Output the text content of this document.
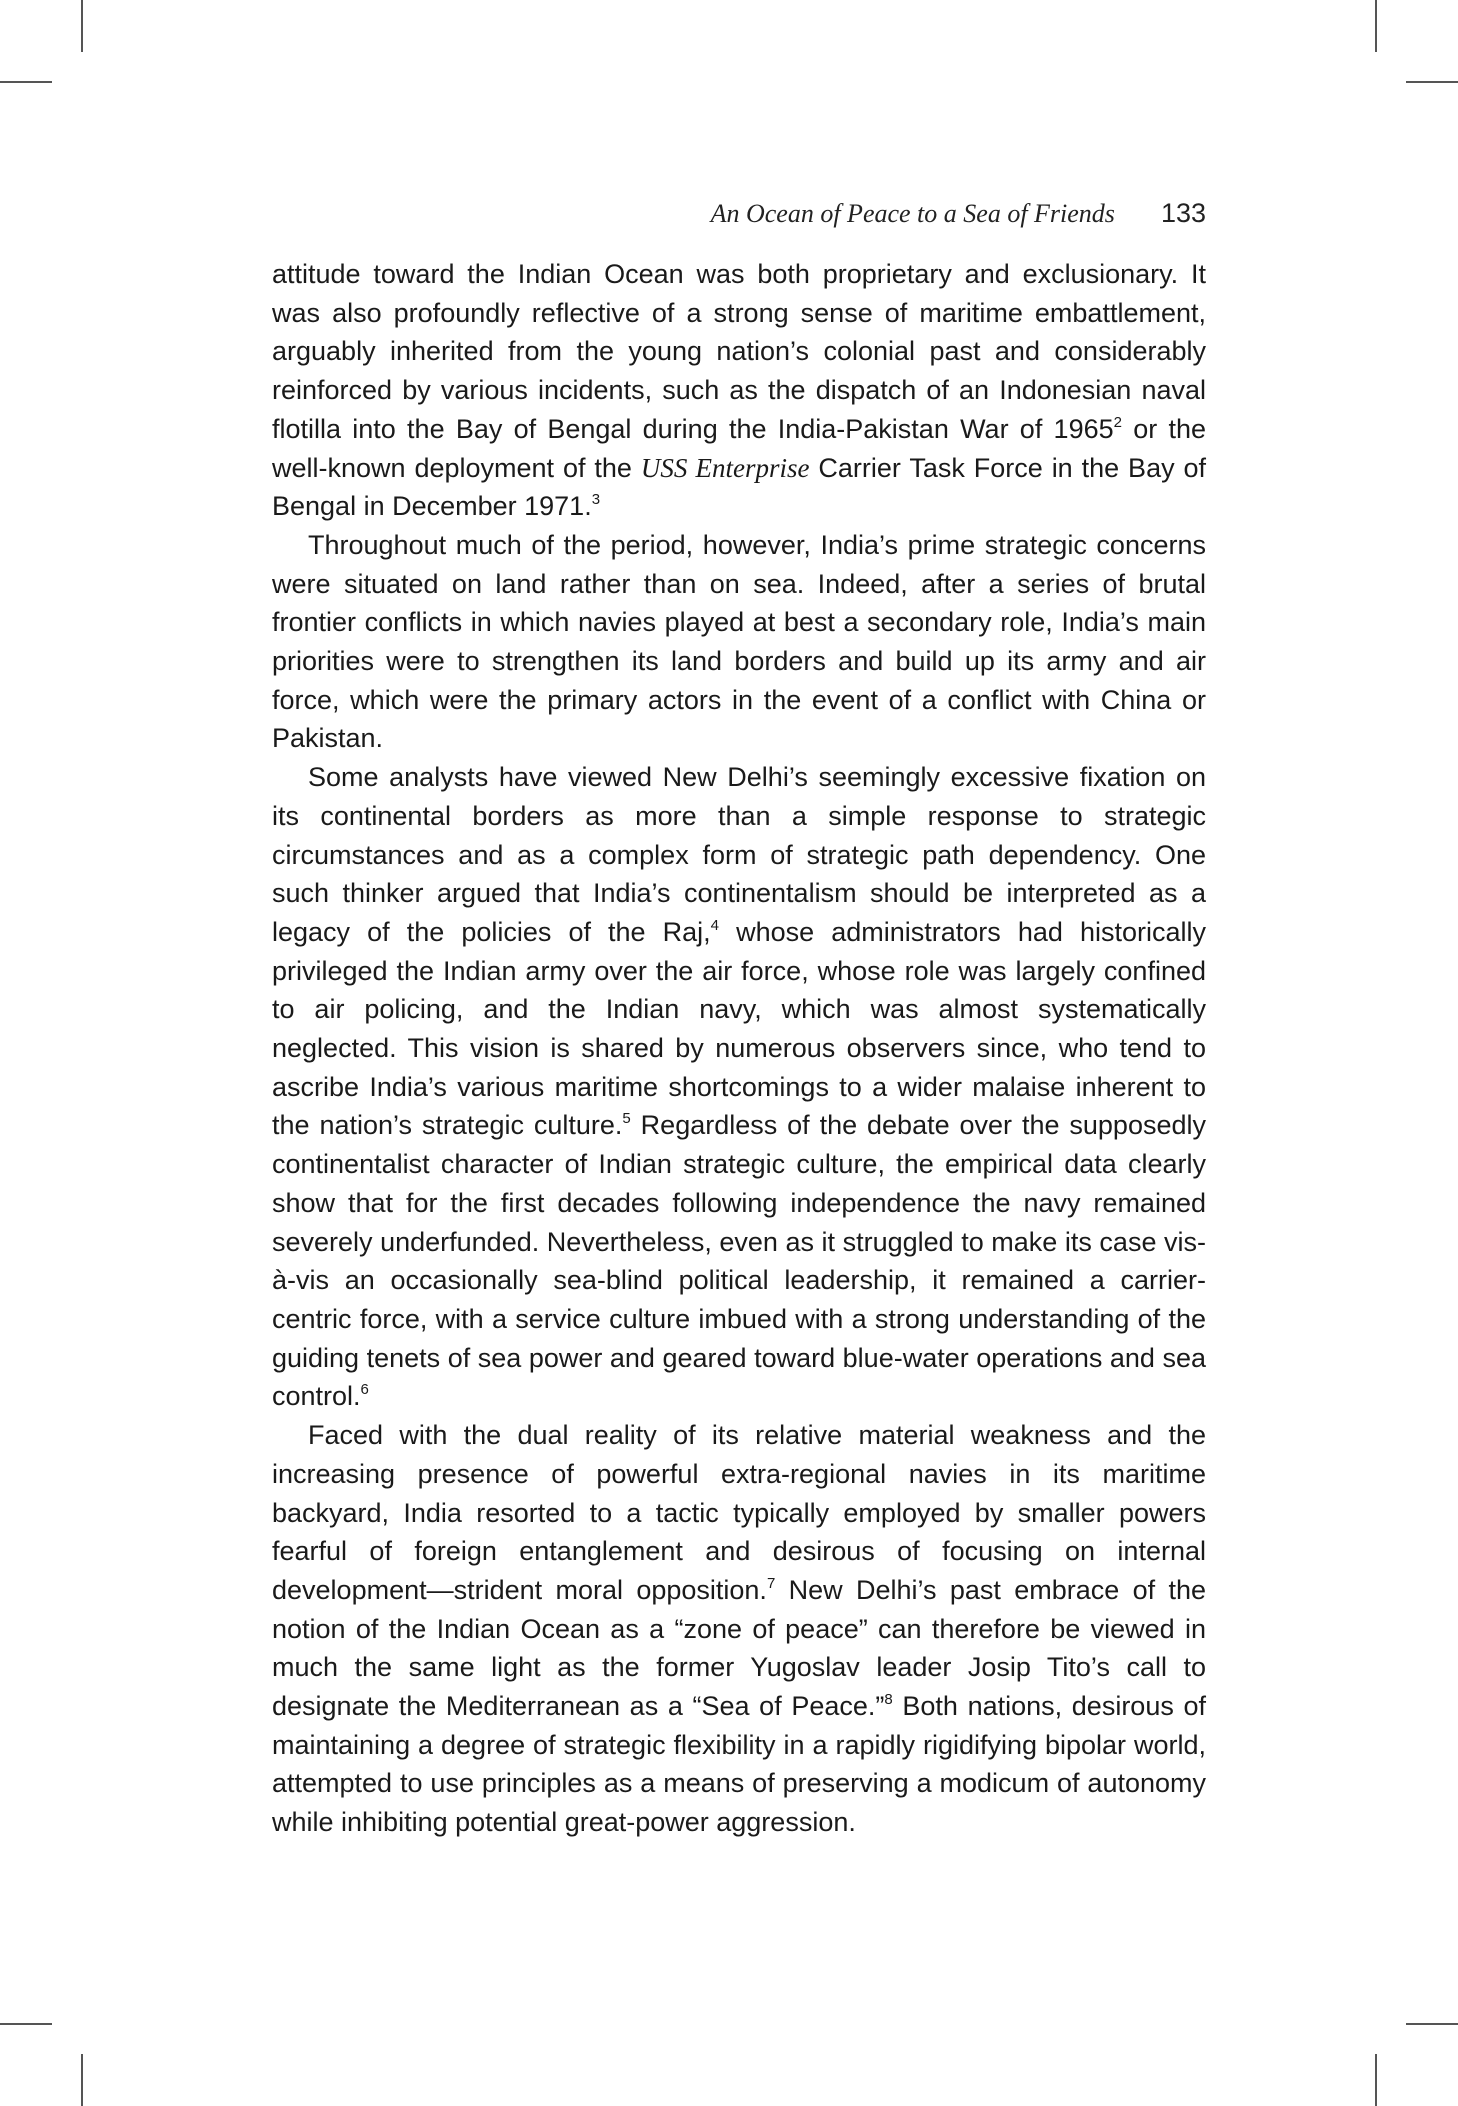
An Ocean of Peace to a Sea of Friends 133

attitude toward the Indian Ocean was both proprietary and exclusionary. It was also profoundly reflective of a strong sense of maritime embattlement, arguably inherited from the young nation’s colonial past and considerably reinforced by various incidents, such as the dispatch of an Indonesian naval flotilla into the Bay of Bengal during the India-Pakistan War of 1965$^2$ or the well-known deployment of the USS Enterprise Carrier Task Force in the Bay of Bengal in December 1971.$^3$

Throughout much of the period, however, India’s prime strategic concerns were situated on land rather than on sea. Indeed, after a series of brutal frontier conflicts in which navies played at best a secondary role, India’s main priorities were to strengthen its land borders and build up its army and air force, which were the primary actors in the event of a conflict with China or Pakistan.

Some analysts have viewed New Delhi’s seemingly excessive fixation on its continental borders as more than a simple response to strategic circumstances and as a complex form of strategic path dependency. One such thinker argued that India’s continentalism should be interpreted as a legacy of the policies of the Raj,$^4$ whose administrators had historically privileged the Indian army over the air force, whose role was largely confined to air policing, and the Indian navy, which was almost systematically neglected. This vision is shared by numerous observers since, who tend to ascribe India’s various maritime shortcomings to a wider malaise inherent to the nation’s strategic culture.$^5$ Regardless of the debate over the supposedly continentalist character of Indian strategic culture, the empirical data clearly show that for the first decades following independence the navy remained severely underfunded. Nevertheless, even as it struggled to make its case vis-à-vis an occasionally sea-blind political leadership, it remained a carrier-centric force, with a service culture imbued with a strong understanding of the guiding tenets of sea power and geared toward blue-water operations and sea control.$^6$

Faced with the dual reality of its relative material weakness and the increasing presence of powerful extra-regional navies in its maritime backyard, India resorted to a tactic typically employed by smaller powers fearful of foreign entanglement and desirous of focusing on internal development—strident moral opposition.$^7$ New Delhi’s past embrace of the notion of the Indian Ocean as a “zone of peace” can therefore be viewed in much the same light as the former Yugoslav leader Josip Tito’s call to designate the Mediterranean as a “Sea of Peace.”$^8$ Both nations, desirous of maintaining a degree of strategic flexibility in a rapidly rigidifying bipolar world, attempted to use principles as a means of preserving a modicum of autonomy while inhibiting potential great-power aggression.
